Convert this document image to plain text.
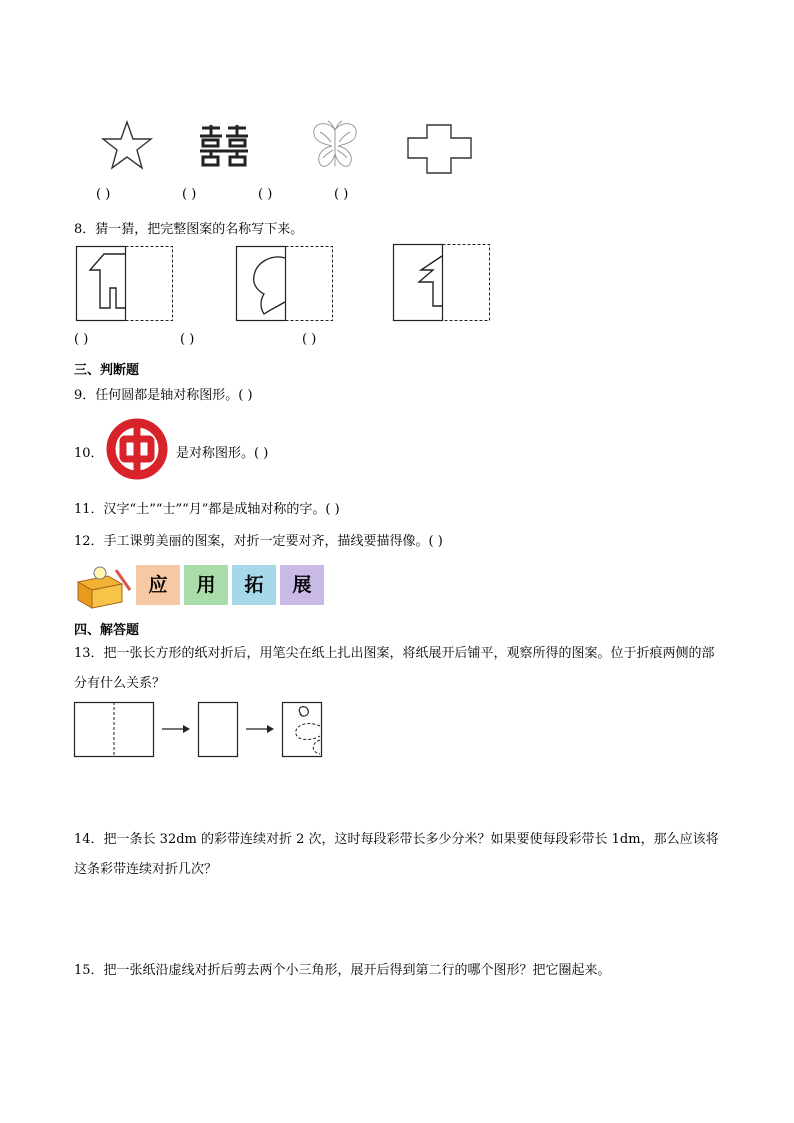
( )	( )	( )	( )
8．猜一猜，把完整图案的名称写下来。
( )	( )	( )
三、判断题
9．任何圆都是轴对称图形。( )
10．	是对称图形。( )
11．汉字“土”“士”“月”都是成轴对称的字。( )
12．手工课剪美丽的图案，对折一定要对齐，描线要描得像。( )
应	用	拓	展
四、解答题
13．把一张长方形的纸对折后，用笔尖在纸上扎出图案，将纸展开后铺平，观察所得的图案。位于折痕两侧的部分有什么关系？
14．把一条长 32dm 的彩带连续对折 2 次，这时每段彩带长多少分米？如果要使每段彩带长 1dm，那么应该将这条彩带连续对折几次？
15．把一张纸沿虚线对折后剪去两个小三角形，展开后得到第二行的哪个图形？把它圈起来。
